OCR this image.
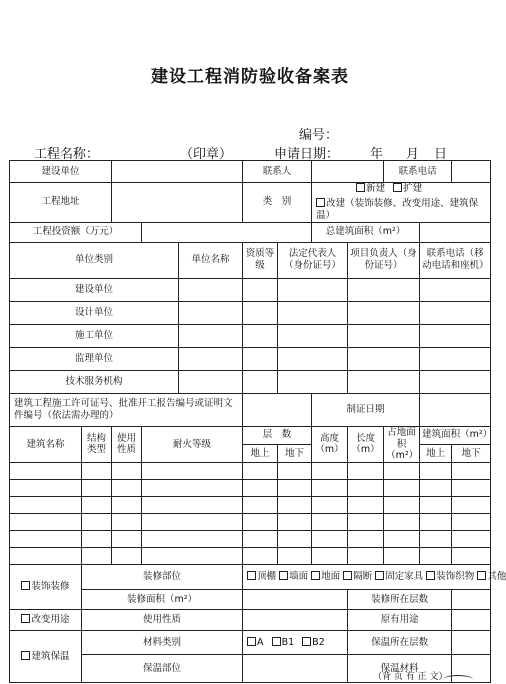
建设工程消防验收备案表
编号：
工程名称：	（印章）	申请日期： 年 月 日
建设单位					联系人				联系电话		
工程地址					类　别		新建 扩建
改建（装饰装修、改变用途、建筑保温）				

工程投资额（万元）							总建筑面积（m²）				
单位类别				单位名称	资质等级	法定代表人（身份证号）		项目负责人（身份证号）		联系电话（移动电话和座机）	
建设单位											
设计单位											
施工单位											
监理单位											
技术服务机构											
建筑工程施工许可证号、批准开工报告编号或证明文件编号（依法需办理的）							制证日期				
建筑名称	结构类型	使用性质	耐火等级		层　数		高度（m）	长度（m）	占地面积（m²）	建筑面积（m²）	
					地上	地下				地上	地下

装饰装修	装修部位				顶棚 墙面 地面 隔断 固定家具 装饰织物 其他						
	装修面积（m²）							装修所在层数			
改变用途	使用性质							原有用途			
建筑保温	材料类别				A B1 B2			保温所在层数			
	保温部位							保温材料			
（背 页 有 正 文）
